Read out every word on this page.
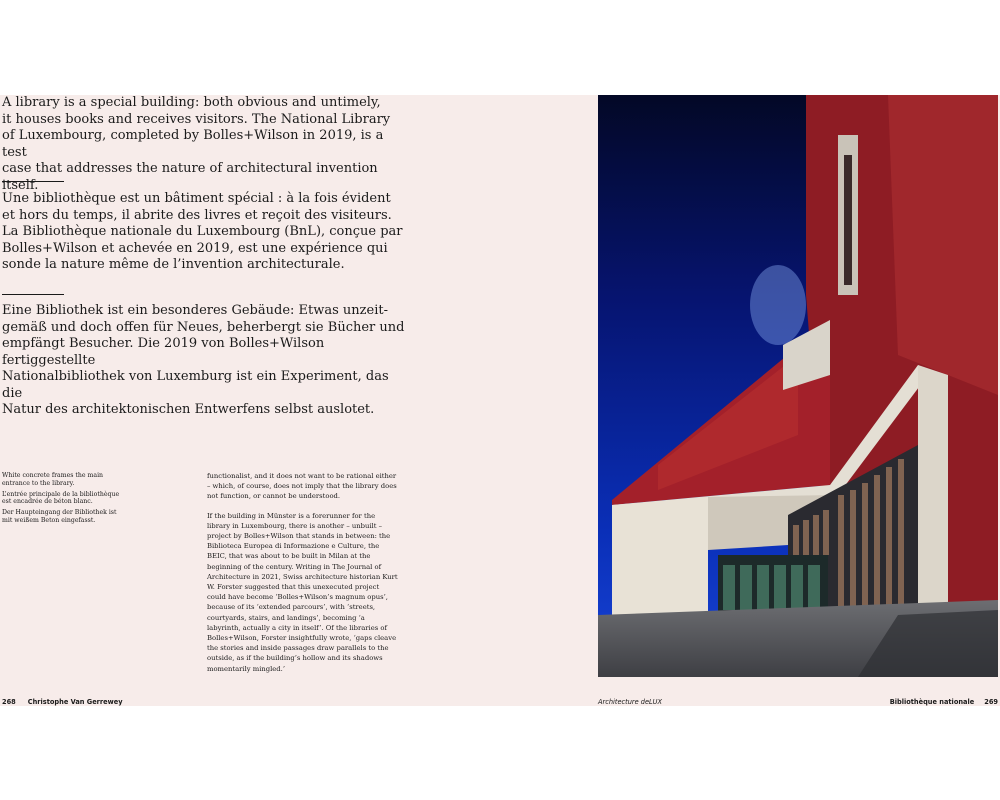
A library is a special building: both obvious and untimely,
it houses books and receives visitors. The National Library
of Luxembourg, completed by Bolles+Wilson in 2019, is a test
case that addresses the nature of architectural invention itself.

Une bibliothèque est un bâtiment spécial : à la fois évident
et hors du temps, il abrite des livres et reçoit des visiteurs.
La Bibliothèque nationale du Luxembourg (BnL), conçue par
Bolles+Wilson et achevée en 2019, est une expérience qui
sonde la nature même de l’invention architecturale.

Eine Bibliothek ist ein besonderes Gebäude: Etwas unzeit-
gemäß und doch offen für Neues, beherbergt sie Bücher und
empfängt Besucher. Die 2019 von Bolles+Wilson fertiggestellte
Nationalbibliothek von Luxemburg ist ein Experiment, das die
Natur des architektonischen Entwerfens selbst auslotet.

White concrete frames the main entrance to the library.

L’entrée principale de la bibliothèque est encadrée de béton blanc.

Der Haupteingang der Bibliothek ist mit weißem Beton eingefasst.

functionalist, and it does not want to be rational either – which, of course, does not imply that the library does not function, or cannot be understood.

If the building in Münster is a forerunner for the library in Luxembourg, there is another – unbuilt – project by Bolles+Wilson that stands in between: the Biblioteca Europea di Informazione e Culture, the BEIC, that was about to be built in Milan at the beginning of the century. Writing in The Journal of Architecture in 2021, Swiss architecture historian Kurt W. Forster suggested that this unexecuted project could have become ‘Bolles+Wilson’s magnum opus’, because of its ‘extended parcours’, with ‘streets, courtyards, stairs, and landings’, becoming ‘a labyrinth, actually a city in itself’. Of the libraries of Bolles+Wilson, Forster insightfully wrote, ‘gaps cleave the stories and inside passages draw parallels to the outside, as if the building’s hollow and its shadows momentarily mingled.’

268 Christophe Van Gerrewey	Architecture deLUX	Bibliothèque nationale 269
